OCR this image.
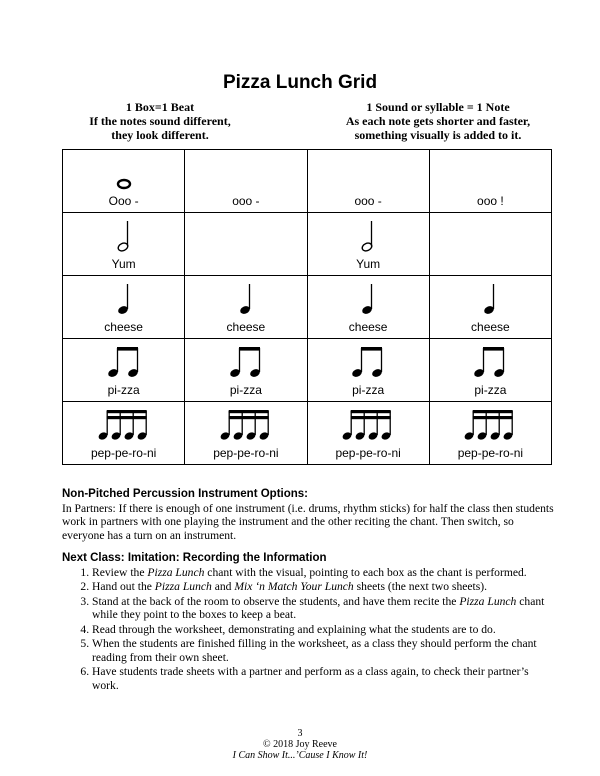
Pizza Lunch Grid
1 Box=1 Beat
If the notes sound different,
they look different.
1 Sound or syllable = 1 Note
As each note gets shorter and faster,
something visually is added to it.
Ooo -	ooo -	ooo -	ooo !

Yum		Yum	

cheese	cheese	cheese	cheese

pi-zza	pi-zza	pi-zza	pi-zza

pep-pe-ro-ni	pep-pe-ro-ni	pep-pe-ro-ni	pep-pe-ro-ni
Non-Pitched Percussion Instrument Options:
In Partners: If there is enough of one instrument (i.e. drums, rhythm sticks) for half the class then students work in partners with one playing the instrument and the other reciting the chant. Then switch, so everyone has a turn on an instrument.
Next Class: Imitation: Recording the Information
1. Review the Pizza Lunch chant with the visual, pointing to each box as the chant is performed.
2. Hand out the Pizza Lunch and Mix ‘n Match Your Lunch sheets (the next two sheets).
3. Stand at the back of the room to observe the students, and have them recite the Pizza Lunch chant while they point to the boxes to keep a beat.
4. Read through the worksheet, demonstrating and explaining what the students are to do.
5. When the students are finished filling in the worksheet, as a class they should perform the chant reading from their own sheet.
6. Have students trade sheets with a partner and perform as a class again, to check their partner’s work.
3
© 2018 Joy Reeve
I Can Show It...’Cause I Know It!
